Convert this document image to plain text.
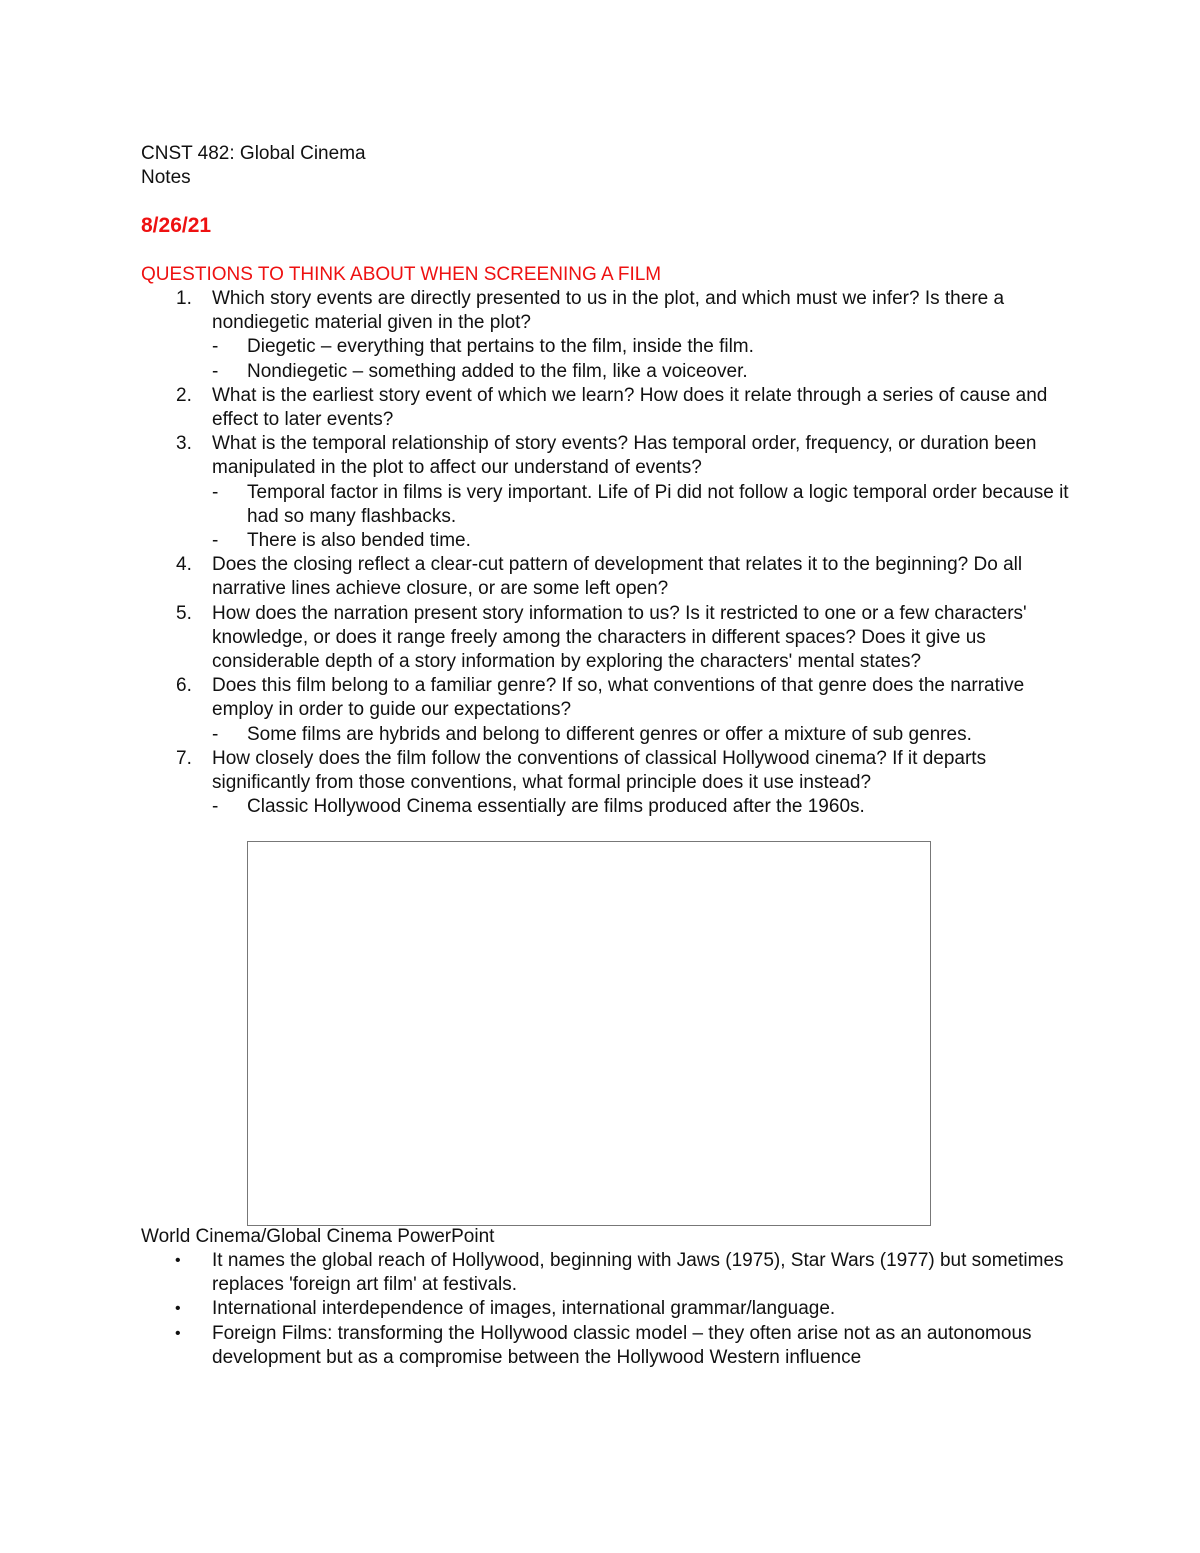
CNST 482: Global Cinema
Notes
8/26/21
QUESTIONS TO THINK ABOUT WHEN SCREENING A FILM
1. Which story events are directly presented to us in the plot, and which must we infer? Is there a nondiegetic material given in the plot?
- Diegetic – everything that pertains to the film, inside the film.
- Nondiegetic – something added to the film, like a voiceover.
2. What is the earliest story event of which we learn? How does it relate through a series of cause and effect to later events?
3. What is the temporal relationship of story events? Has temporal order, frequency, or duration been manipulated in the plot to affect our understand of events?
- Temporal factor in films is very important. Life of Pi did not follow a logic temporal order because it had so many flashbacks.
- There is also bended time.
4. Does the closing reflect a clear-cut pattern of development that relates it to the beginning? Do all narrative lines achieve closure, or are some left open?
5. How does the narration present story information to us? Is it restricted to one or a few characters' knowledge, or does it range freely among the characters in different spaces? Does it give us considerable depth of a story information by exploring the characters' mental states?
6. Does this film belong to a familiar genre? If so, what conventions of that genre does the narrative employ in order to guide our expectations?
- Some films are hybrids and belong to different genres or offer a mixture of sub genres.
7. How closely does the film follow the conventions of classical Hollywood cinema? If it departs significantly from those conventions, what formal principle does it use instead?
- Classic Hollywood Cinema essentially are films produced after the 1960s.
World Cinema/Global Cinema PowerPoint
• It names the global reach of Hollywood, beginning with Jaws (1975), Star Wars (1977) but sometimes replaces 'foreign art film' at festivals.
• International interdependence of images, international grammar/language.
• Foreign Films: transforming the Hollywood classic model – they often arise not as an autonomous development but as a compromise between the Hollywood Western influence
